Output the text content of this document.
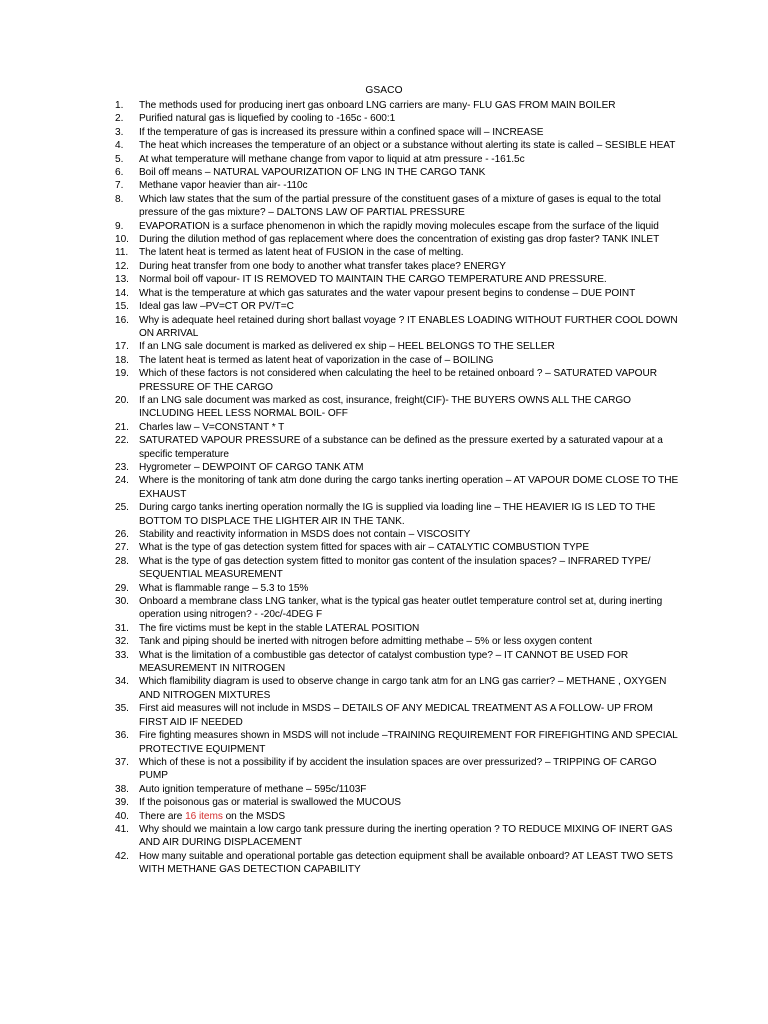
GSACO
1.	The methods used for producing inert gas onboard LNG carriers are many- FLU GAS FROM MAIN BOILER
2.	Purified natural gas is liquefied by cooling to -165c - 600:1
3.	If the temperature of gas is increased its pressure within a confined space will – INCREASE
4.	The heat which increases the temperature of an object or a substance without alerting its state is called – SESIBLE HEAT
5.	At what temperature will methane change from vapor to liquid at atm pressure - -161.5c
6.	Boil off means – NATURAL VAPOURIZATION OF LNG IN THE CARGO TANK
7.	Methane vapor heavier than air- -110c
8.	Which law states that the sum of the partial pressure of the constituent gases of a mixture of gases is equal to the total pressure of the gas mixture? – DALTONS LAW OF PARTIAL PRESSURE
9.	EVAPORATION is a surface phenomenon in which the rapidly moving molecules escape from the surface of the liquid
10.	During the dilution method of gas replacement where does the concentration of existing gas drop faster? TANK INLET
11.	The latent heat is termed as latent heat of FUSION in the case of melting.
12.	During heat transfer from one body to another what transfer takes place? ENERGY
13.	Normal boil off vapour- IT IS REMOVED TO MAINTAIN THE CARGO TEMPERATURE AND PRESSURE.
14.	What is the temperature at which gas saturates and the water vapour present begins to condense – DUE POINT
15.	Ideal gas law –PV=CT OR PV/T=C
16.	Why is adequate heel retained during short ballast voyage ? IT ENABLES LOADING WITHOUT FURTHER COOL DOWN ON ARRIVAL
17.	If an LNG sale document is marked as delivered ex ship – HEEL BELONGS TO THE SELLER
18.	The latent heat is termed as latent heat of vaporization in the case of – BOILING
19.	Which of these factors is not considered when calculating the heel to be retained onboard ? – SATURATED VAPOUR PRESSURE OF THE CARGO
20.	If an LNG sale document was marked as cost, insurance, freight(CIF)- THE BUYERS OWNS ALL THE CARGO INCLUDING HEEL LESS NORMAL BOIL- OFF
21.	Charles law – V=CONSTANT * T
22.	SATURATED VAPOUR PRESSURE of a substance can be defined as the pressure exerted by a saturated vapour at a specific temperature
23.	Hygrometer – DEWPOINT OF CARGO TANK ATM
24.	Where is the monitoring of tank atm done during the cargo tanks inerting operation – AT VAPOUR DOME CLOSE TO THE EXHAUST
25.	During cargo tanks inerting operation normally the IG is supplied via loading line – THE HEAVIER IG IS LED TO THE BOTTOM TO DISPLACE THE LIGHTER AIR IN THE TANK.
26.	Stability and reactivity information in MSDS does not contain – VISCOSITY
27.	What is the type of gas detection system fitted for spaces with air – CATALYTIC COMBUSTION TYPE
28.	What is the type of gas detection system fitted to monitor gas content of the insulation spaces? – INFRARED TYPE/ SEQUENTIAL MEASUREMENT
29.	What is flammable range – 5.3 to 15%
30.	Onboard a membrane class LNG tanker, what is the typical gas heater outlet temperature control set at, during inerting operation using nitrogen? - -20c/-4DEG F
31.	The fire victims must be kept in the stable LATERAL POSITION
32.	Tank and piping should be inerted with nitrogen before admitting methabe – 5% or less oxygen content
33.	What is the limitation of a combustible gas detector of catalyst combustion type? – IT CANNOT BE USED FOR MEASUREMENT IN NITROGEN
34.	Which flamibility diagram is used to observe change in cargo tank atm for an LNG gas carrier? – METHANE , OXYGEN AND NITROGEN MIXTURES
35.	First aid measures will not include in MSDS – DETAILS OF ANY MEDICAL TREATMENT AS A FOLLOW- UP FROM FIRST AID IF NEEDED
36.	Fire fighting measures shown in MSDS will not include –TRAINING REQUIREMENT FOR FIREFIGHTING AND SPECIAL PROTECTIVE EQUIPMENT
37.	Which of these is not a possibility if by accident the insulation spaces are over pressurized? – TRIPPING OF CARGO PUMP
38.	Auto ignition temperature of methane – 595c/1103F
39.	If the poisonous gas or material is swallowed the MUCOUS
40.	There are 16 items on the MSDS
41.	Why should we maintain a low cargo tank pressure during the inerting operation ? TO REDUCE MIXING OF INERT GAS AND AIR DURING DISPLACEMENT
42.	How many suitable and operational portable gas detection equipment shall be available onboard? AT LEAST TWO SETS WITH METHANE GAS DETECTION CAPABILITY
